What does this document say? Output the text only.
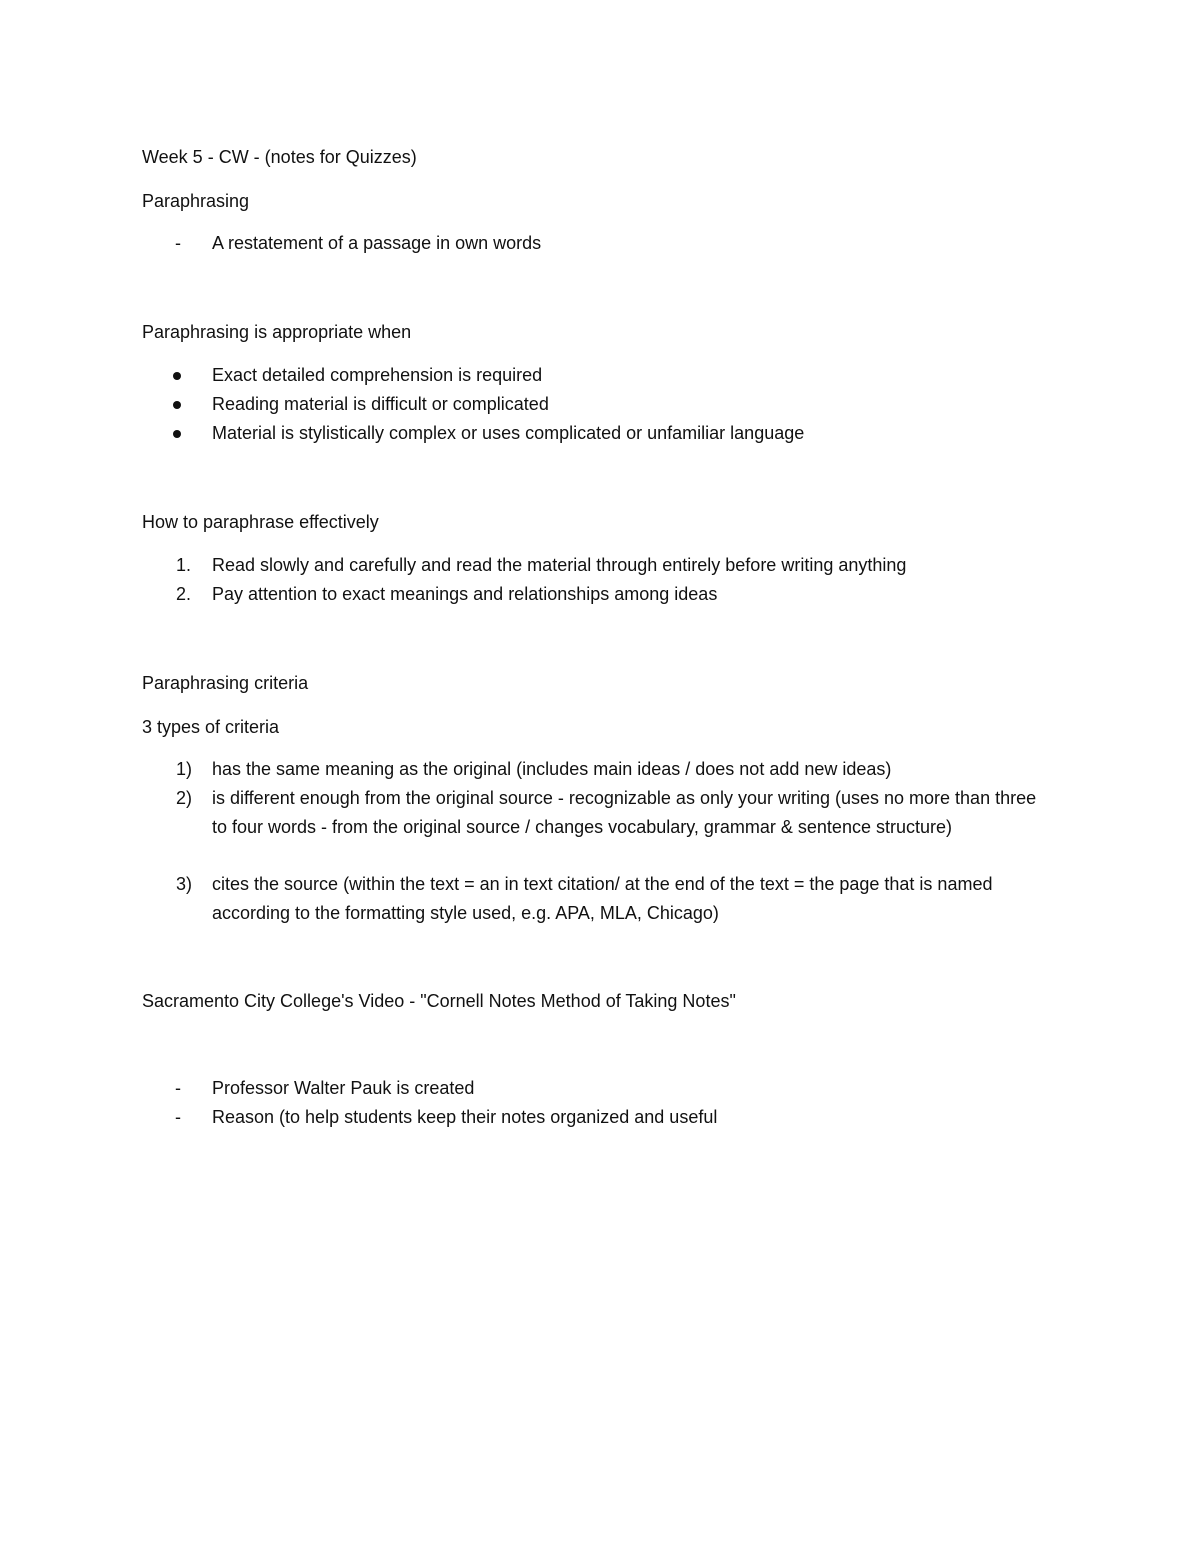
Week 5 - CW - (notes for Quizzes)
Paraphrasing
-	A restatement of a passage in own words
Paraphrasing is appropriate when
Exact detailed comprehension is required
Reading material is difficult or complicated
Material is stylistically complex or uses complicated or unfamiliar language
How to paraphrase effectively
1.	Read slowly and carefully and read the material through entirely before writing anything
2.	Pay attention to exact meanings and relationships among ideas
Paraphrasing criteria
3 types of criteria
1)	has the same meaning as the original (includes main ideas / does not add new ideas)
2)	is different enough from the original source - recognizable as only your writing (uses no more than three to four words - from the original source / changes vocabulary, grammar & sentence structure)
3)	cites the source (within the text = an in text citation/ at the end of the text = the page that is named according to the formatting style used, e.g. APA, MLA, Chicago)
Sacramento City College's Video - "Cornell Notes Method of Taking Notes"
-	Professor Walter Pauk is created
-	Reason (to help students keep their notes organized and useful
